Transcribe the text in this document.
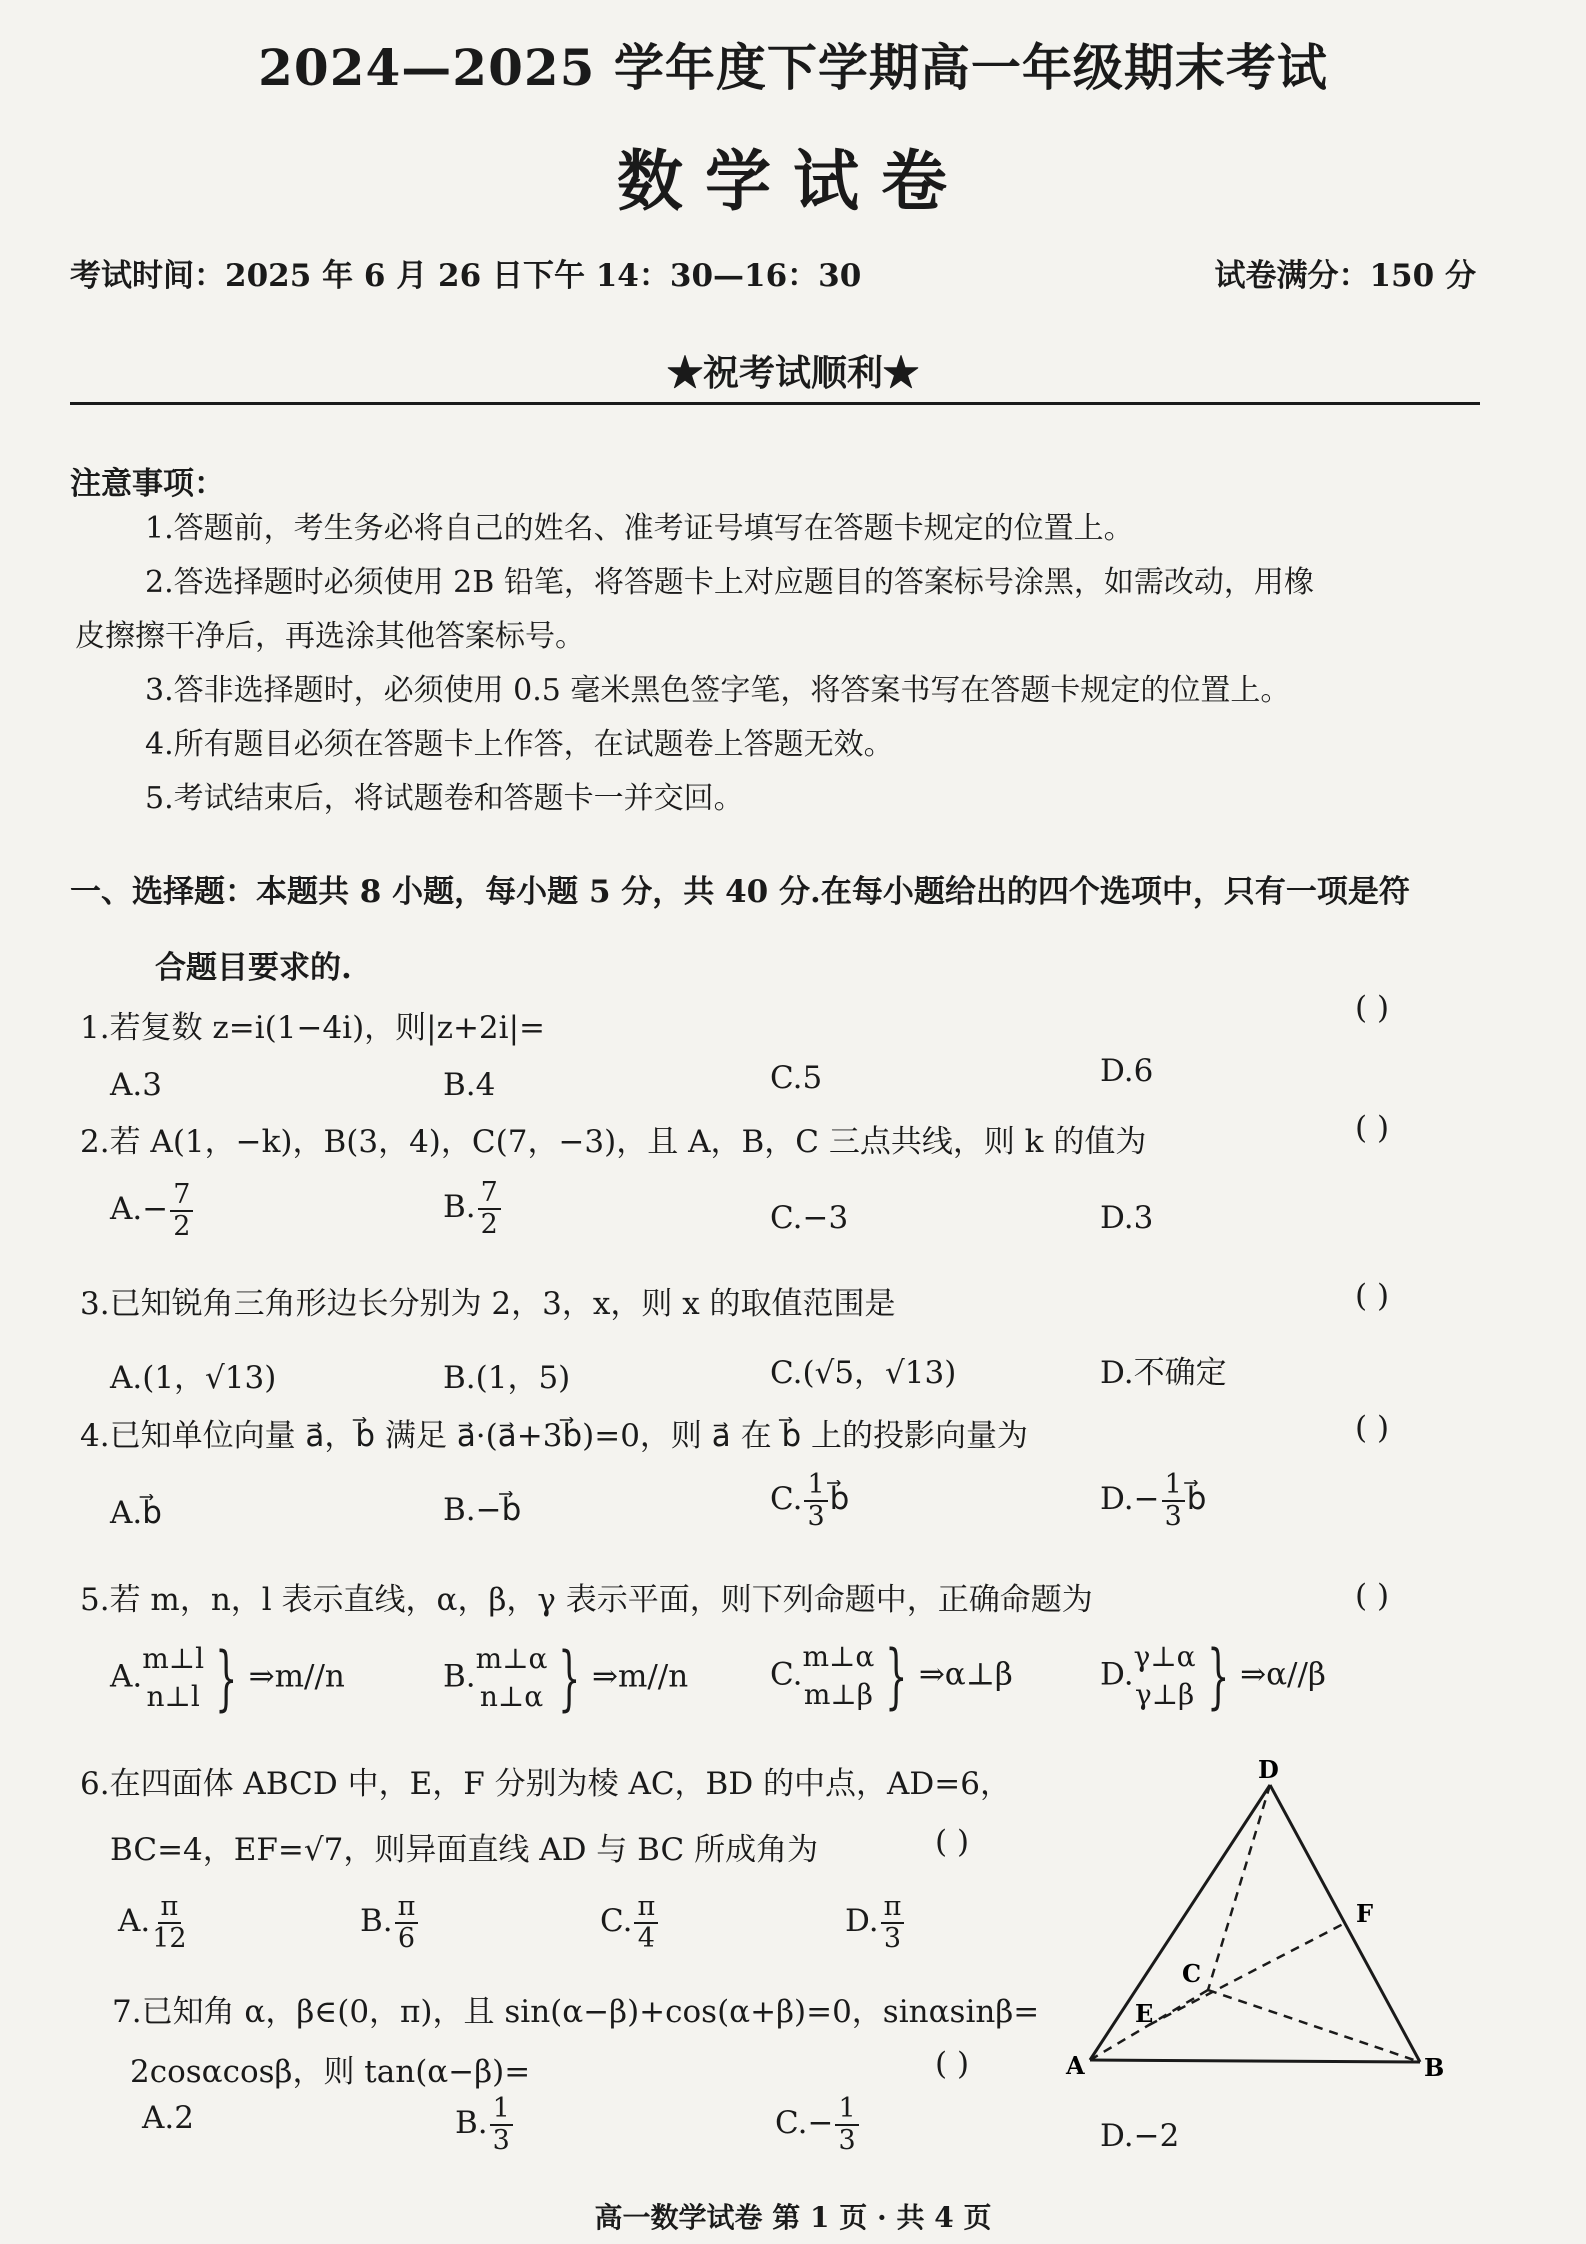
2024—2025 学年度下学期高一年级期末考试
数学试卷
考试时间：2025 年 6 月 26 日下午 14：30—16：30	试卷满分：150 分
★祝考试顺利★
注意事项：
1.答题前，考生务必将自己的姓名、准考证号填写在答题卡规定的位置上。
2.答选择题时必须使用 2B 铅笔，将答题卡上对应题目的答案标号涂黑，如需改动，用橡
皮擦擦干净后，再选涂其他答案标号。
3.答非选择题时，必须使用 0.5 毫米黑色签字笔，将答案书写在答题卡规定的位置上。
4.所有题目必须在答题卡上作答，在试题卷上答题无效。
5.考试结束后，将试题卷和答题卡一并交回。
一、选择题：本题共 8 小题，每小题 5 分，共 40 分.在每小题给出的四个选项中，只有一项是符
合题目要求的.
1.若复数 z=i(1−4i)，则|z+2i|=
( )
A.3	B.4	C.5	D.6
2.若 A(1，−k)，B(3，4)，C(7，−3)，且 A，B，C 三点共线，则 k 的值为	( )
$A.- \frac{7}{2}$	B. $\frac{7}{2}$	C.−3	D.3
3.已知锐角三角形边长分别为 2，3，x，则 x 的取值范围是	( )
A.(1，√13)	B.(1，5)	C.(√5，√13)	D.不确定
4.已知单位向量 a⃗，b⃗ 满足 a⃗·(a⃗+3b⃗)=0，则 a⃗ 在 b⃗ 上的投影向量为	( )
A.b⃗	B.−b⃗	C. $\frac{1}{3}$ b⃗	$D.- \frac{1}{3}$ b⃗
5.若 m，n，l 表示直线，α，β，γ 表示平面，则下列命题中，正确命题为	( )
A.m⊥l
n⊥l } ⇒m//n	B.m⊥α
n⊥α } ⇒m//n	C.m⊥α
m⊥β } ⇒α⊥β	D.γ⊥α
γ⊥β } ⇒α//β
6.在四面体 ABCD 中，E，F 分别为棱 AC，BD 的中点，AD=6，
BC=4，EF=√7，则异面直线 AD 与 BC 所成角为	( )
A. $\frac{\pi}{12}$	B. $\frac{\pi}{6}$	C. $\frac{\pi}{4}$	D. $\frac{\pi}{3}$
7.已知角 α，β∈(0，π)，且 sin(α−β)+cos(α+β)=0，sinαsinβ=
2cosαcosβ，则 tan(α−β)=	( )
A.2	B. $\frac{1}{3}$	$C.- \frac{1}{3}$	D.−2
D
A	B
C
E
F
高一数学试卷 第 1 页 · 共 4 页
